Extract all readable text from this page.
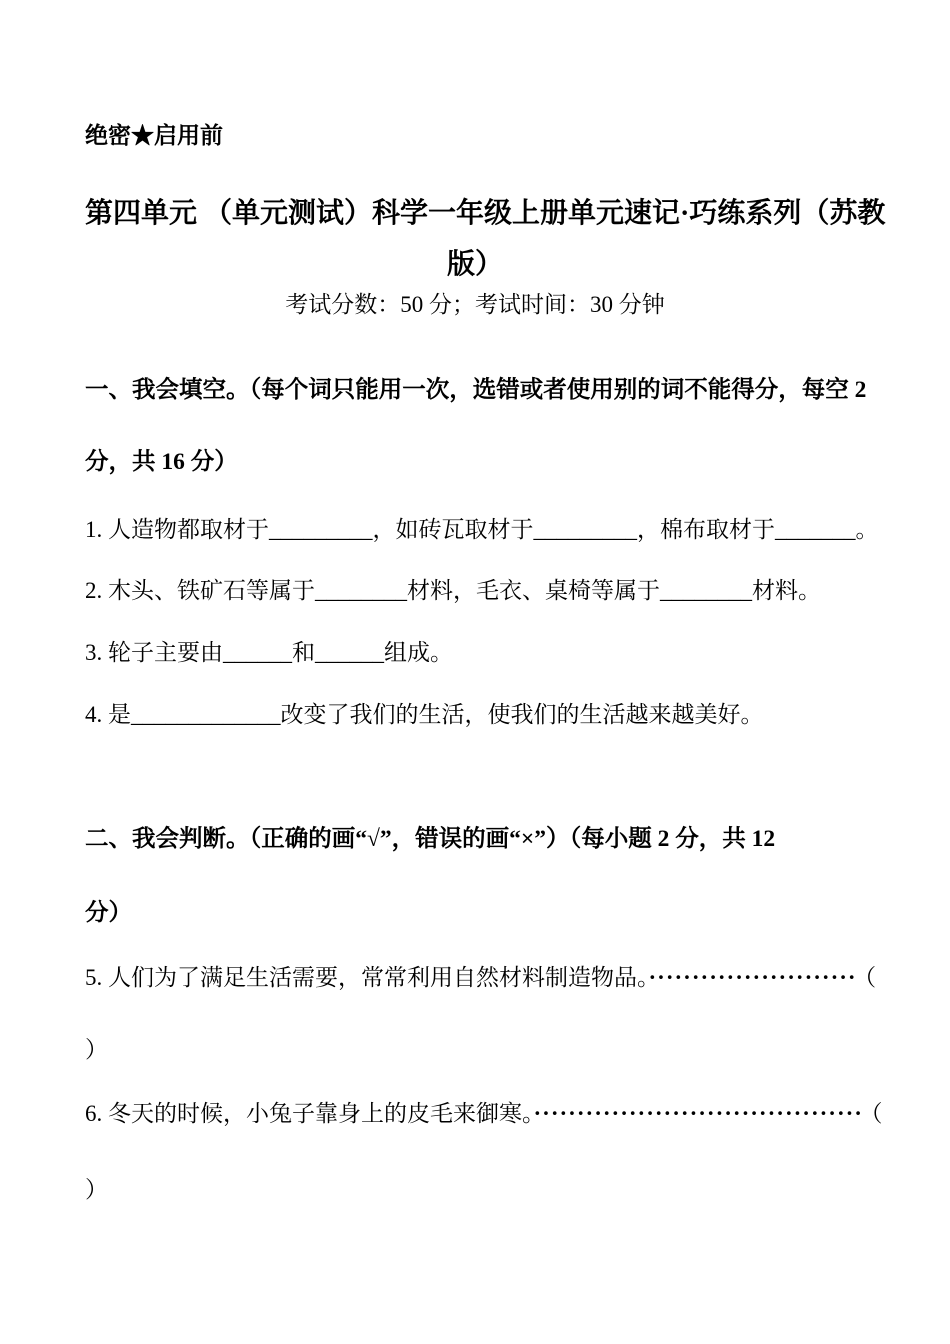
绝密★启用前
第四单元 （单元测试）科学一年级上册单元速记·巧练系列（苏教
版）
考试分数：50 分；考试时间：30 分钟
一、我会填空。（每个词只能用一次，选错或者使用别的词不能得分，每空 2
分，共 16 分）
1. 人造物都取材于_________，如砖瓦取材于_________，棉布取材于_______。
2. 木头、铁矿石等属于________材料，毛衣、桌椅等属于________材料。
3. 轮子主要由______和______组成。
4. 是_____________改变了我们的生活，使我们的生活越来越美好。
二、我会判断。（正确的画“√”，错误的画“×”）（每小题 2 分，共 12
分）
5. 人们为了满足生活需要，常常利用自然材料制造物品。························ （
）
6. 冬天的时候，小兔子靠身上的皮毛来御寒。······································ （
）
